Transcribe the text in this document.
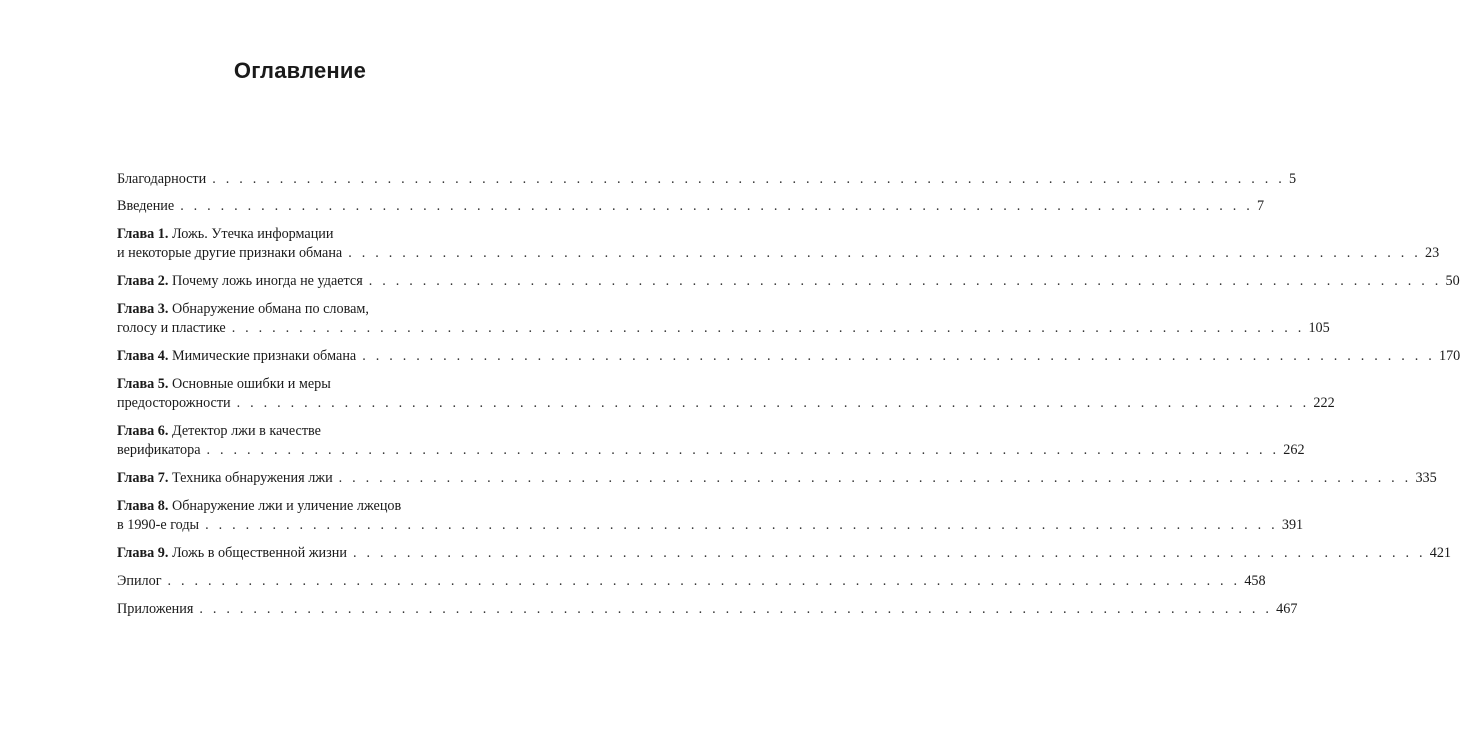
Оглавление
Благодарности . . . . . . . . . . . . . . . . . . . . . . . . . . . . . . . . . . . . . . . . . . . . . . . . . . . . . . . . . . . . . . . . . . . . . . . . . . . . . . . . 5
Введение . . . . . . . . . . . . . . . . . . . . . . . . . . . . . . . . . . . . . . . . . . . . . . . . . . . . . . . . . . . . . . . . . . . . . . . . . . . . . . . . 7
Глава 1.
Ложь. Утечка информации
и некоторые другие признаки обмана . . . . . . . . . . . . . . . . . . . . . . . . . . . . . . . . . . . . . . . . . . . . . . . . . . . . . . . . . . . . . . . . . . . . . . . . . . . . . . . . 23
Глава 2.
Почему ложь иногда не удается . . . . . . . . . . . . . . . . . . . . . . . . . . . . . . . . . . . . . . . . . . . . . . . . . . . . . . . . . . . . . . . . . . . . . . . . . . . . . . . . 50
Глава 3.
Обнаружение обмана по словам,
голосу и пластике . . . . . . . . . . . . . . . . . . . . . . . . . . . . . . . . . . . . . . . . . . . . . . . . . . . . . . . . . . . . . . . . . . . . . . . . . . . . . . . . 105
Глава 4.
Мимические признаки обмана . . . . . . . . . . . . . . . . . . . . . . . . . . . . . . . . . . . . . . . . . . . . . . . . . . . . . . . . . . . . . . . . . . . . . . . . . . . . . . . . 170
Глава 5.
Основные ошибки и меры
предосторожности . . . . . . . . . . . . . . . . . . . . . . . . . . . . . . . . . . . . . . . . . . . . . . . . . . . . . . . . . . . . . . . . . . . . . . . . . . . . . . . . 222
Глава 6.
Детектор лжи в качестве
верификатора . . . . . . . . . . . . . . . . . . . . . . . . . . . . . . . . . . . . . . . . . . . . . . . . . . . . . . . . . . . . . . . . . . . . . . . . . . . . . . . . 262
Глава 7.
Техника обнаружения лжи . . . . . . . . . . . . . . . . . . . . . . . . . . . . . . . . . . . . . . . . . . . . . . . . . . . . . . . . . . . . . . . . . . . . . . . . . . . . . . . . 335
Глава 8.
Обнаружение лжи и уличение лжецов
в 1990-е годы . . . . . . . . . . . . . . . . . . . . . . . . . . . . . . . . . . . . . . . . . . . . . . . . . . . . . . . . . . . . . . . . . . . . . . . . . . . . . . . . 391
Глава 9.
Ложь в общественной жизни . . . . . . . . . . . . . . . . . . . . . . . . . . . . . . . . . . . . . . . . . . . . . . . . . . . . . . . . . . . . . . . . . . . . . . . . . . . . . . . . 421
Эпилог . . . . . . . . . . . . . . . . . . . . . . . . . . . . . . . . . . . . . . . . . . . . . . . . . . . . . . . . . . . . . . . . . . . . . . . . . . . . . . . . 458
Приложения . . . . . . . . . . . . . . . . . . . . . . . . . . . . . . . . . . . . . . . . . . . . . . . . . . . . . . . . . . . . . . . . . . . . . . . . . . . . . . . . 467
